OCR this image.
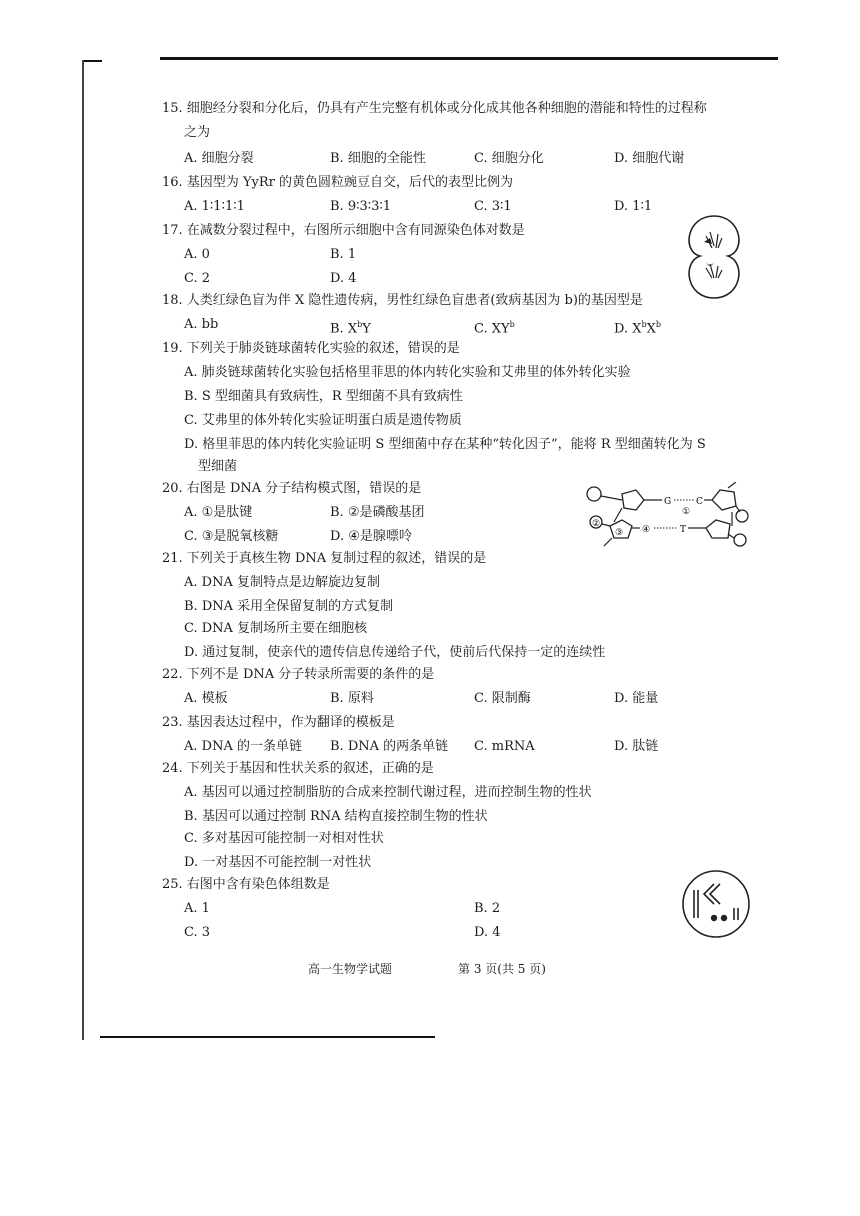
15. 细胞经分裂和分化后，仍具有产生完整有机体或分化成其他各种细胞的潜能和特性的过程称
之为
A. 细胞分裂	B. 细胞的全能性	C. 细胞分化	D. 细胞代谢
16. 基因型为 YyRr 的黄色圆粒豌豆自交，后代的表型比例为
A. 1∶1∶1∶1	B. 9∶3∶3∶1	C. 3∶1	D. 1∶1
17. 在减数分裂过程中，右图所示细胞中含有同源染色体对数是
A. 0	B. 1
C. 2	D. 4
18. 人类红绿色盲为伴 X 隐性遗传病，男性红绿色盲患者(致病基因为 b)的基因型是
A. bb	B. $X^bY$	C. $XY^b$	D. $X^bX^b$
19. 下列关于肺炎链球菌转化实验的叙述，错误的是
A. 肺炎链球菌转化实验包括格里菲思的体内转化实验和艾弗里的体外转化实验
B. S 型细菌具有致病性，R 型细菌不具有致病性
C. 艾弗里的体外转化实验证明蛋白质是遗传物质
D. 格里菲思的体内转化实验证明 S 型细菌中存在某种“转化因子”，能将 R 型细菌转化为 S
型细菌
20. 右图是 DNA 分子结构模式图，错误的是
A. ①是肽键	B. ②是磷酸基团
C. ③是脱氧核糖	D. ④是腺嘌呤
G	C
①
②
③ ④	T
21. 下列关于真核生物 DNA 复制过程的叙述，错误的是
A. DNA 复制特点是边解旋边复制
B. DNA 采用全保留复制的方式复制
C. DNA 复制场所主要在细胞核
D. 通过复制，使亲代的遗传信息传递给子代，使前后代保持一定的连续性
22. 下列不是 DNA 分子转录所需要的条件的是
A. 模板	B. 原料	C. 限制酶	D. 能量
23. 基因表达过程中，作为翻译的模板是
A. DNA 的一条单链 B. DNA 的两条单链 C. mRNA	D. 肽链
24. 下列关于基因和性状关系的叙述，正确的是
A. 基因可以通过控制脂肪的合成来控制代谢过程，进而控制生物的性状
B. 基因可以通过控制 RNA 结构直接控制生物的性状
C. 多对基因可能控制一对相对性状
D. 一对基因不可能控制一对性状
25. 右图中含有染色体组数是
A. 1	B. 2
C. 3	D. 4
高一生物学试题	第 3 页(共 5 页)
